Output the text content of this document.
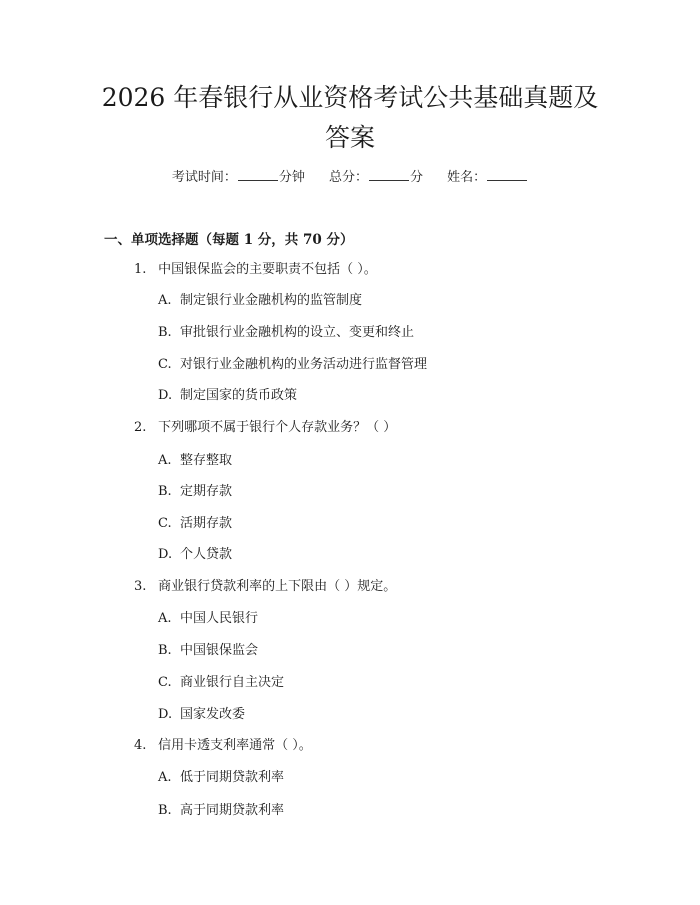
2026 年春银行从业资格考试公共基础真题及
答案
考试时间：	分钟 总分：	分 姓名：
一、单项选择题（每题 1 分，共 70 分）
1. 中国银保监会的主要职责不包括（ ）。
A. 制定银行业金融机构的监管制度
B. 审批银行业金融机构的设立、变更和终止
C. 对银行业金融机构的业务活动进行监督管理
D. 制定国家的货币政策
2. 下列哪项不属于银行个人存款业务？（ ）
A. 整存整取
B. 定期存款
C. 活期存款
D. 个人贷款
3. 商业银行贷款利率的上下限由（ ）规定。
A. 中国人民银行
B. 中国银保监会
C. 商业银行自主决定
D. 国家发改委
4. 信用卡透支利率通常（ ）。
A. 低于同期贷款利率
B. 高于同期贷款利率
